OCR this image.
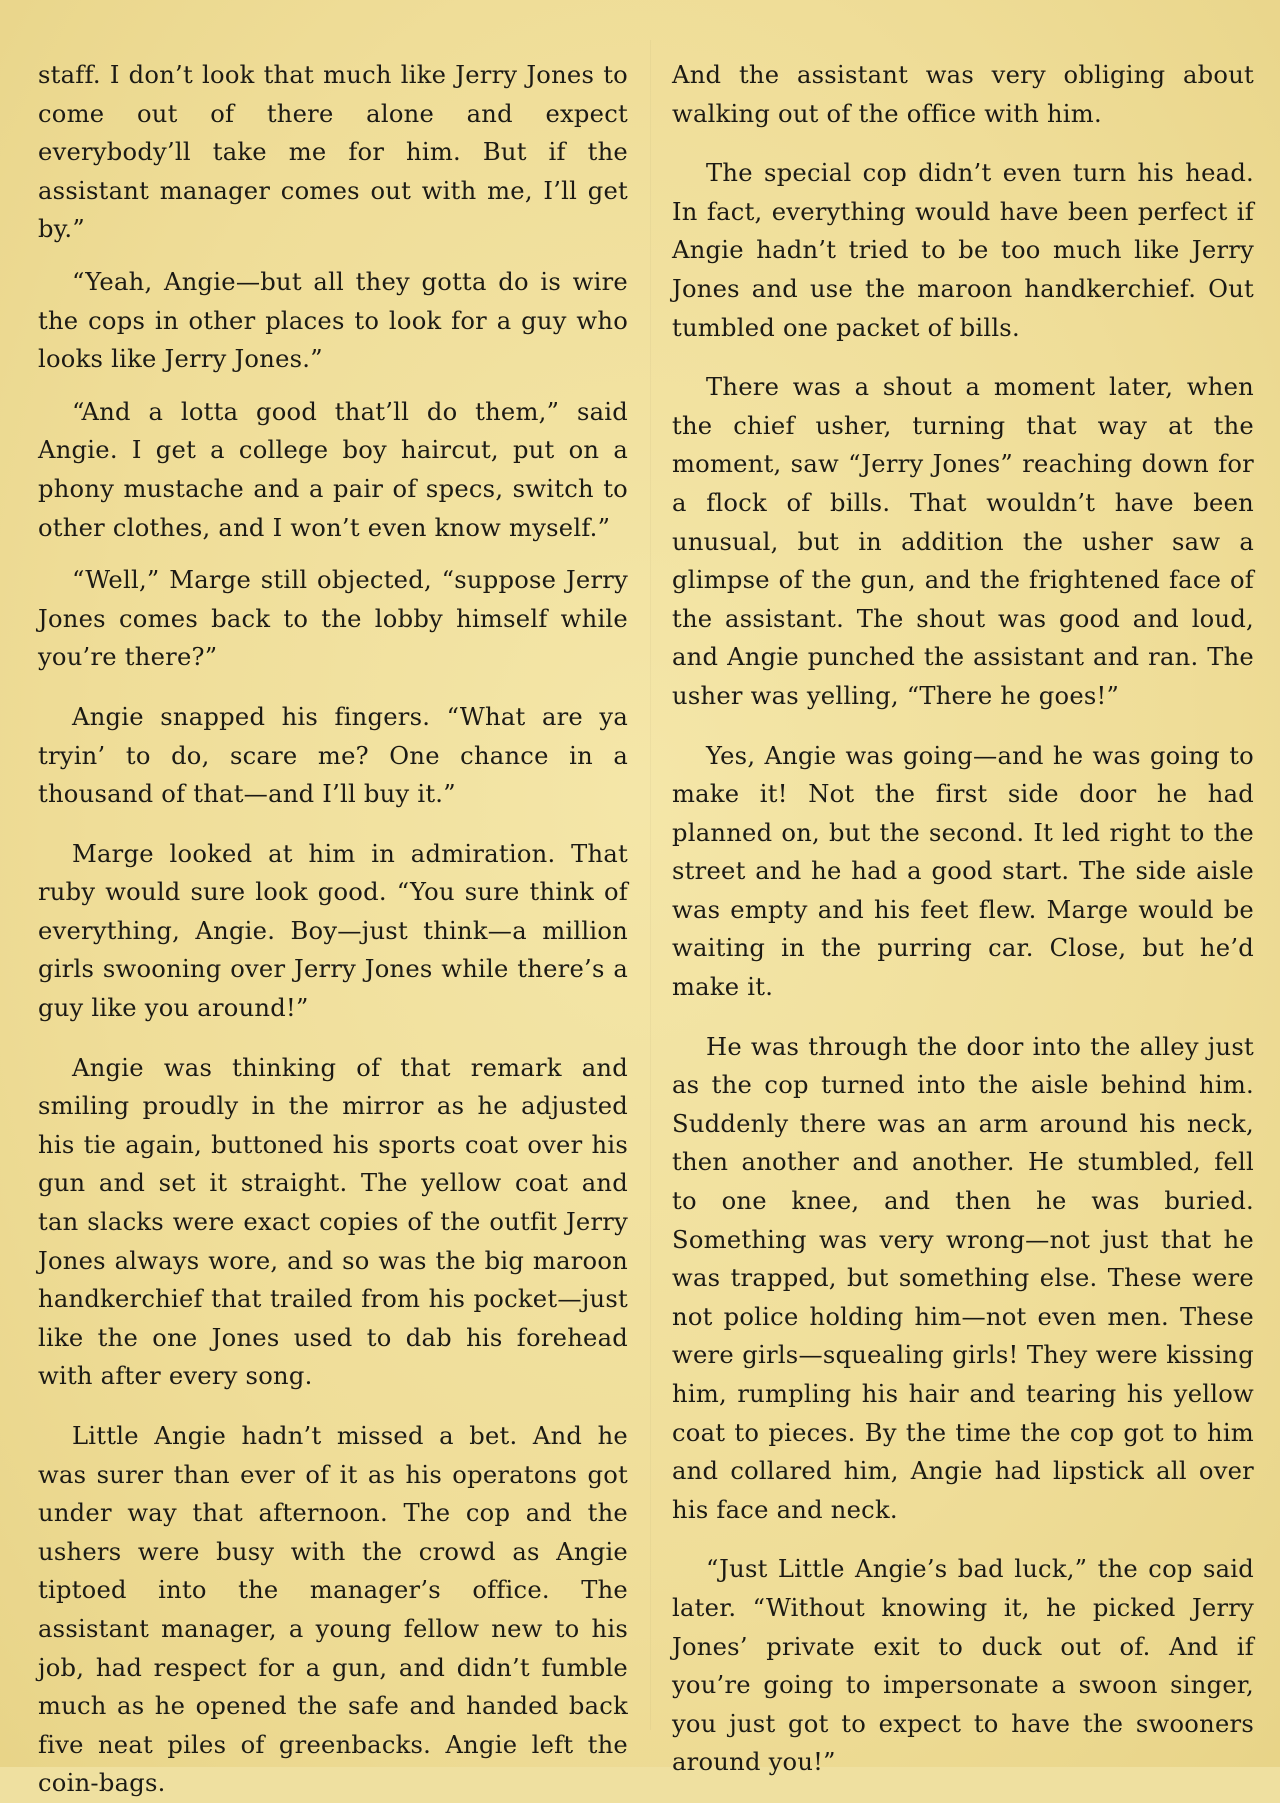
staff. I don’t look that much like Jerry Jones to come out of there alone and expect everybody’ll take me for him. But if the assistant manager comes out with me, I’ll get by.”

“Yeah, Angie—but all they gotta do is wire the cops in other places to look for a guy who looks like Jerry Jones.”

“And a lotta good that’ll do them,” said Angie. I get a college boy haircut, put on a phony mustache and a pair of specs, switch to other clothes, and I won’t even know myself.”

“Well,” Marge still objected, “suppose Jerry Jones comes back to the lobby himself while you’re there?”

Angie snapped his fingers. “What are ya tryin’ to do, scare me? One chance in a thousand of that—and I’ll buy it.”

Marge looked at him in admiration. That ruby would sure look good. “You sure think of everything, Angie. Boy—just think—a million girls swooning over Jerry Jones while there’s a guy like you around!”

Angie was thinking of that remark and smiling proudly in the mirror as he adjusted his tie again, buttoned his sports coat over his gun and set it straight. The yellow coat and tan slacks were exact copies of the outfit Jerry Jones always wore, and so was the big maroon handkerchief that trailed from his pocket—just like the one Jones used to dab his forehead with after every song.

Little Angie hadn’t missed a bet. And he was surer than ever of it as his operatons got under way that afternoon. The cop and the ushers were busy with the crowd as Angie tiptoed into the manager’s office. The assistant manager, a young fellow new to his job, had respect for a gun, and didn’t fumble much as he opened the safe and handed back five neat piles of greenbacks. Angie left the coin-bags.

And the assistant was very obliging about walking out of the office with him.

The special cop didn’t even turn his head. In fact, everything would have been perfect if Angie hadn’t tried to be too much like Jerry Jones and use the maroon handkerchief. Out tumbled one packet of bills.

There was a shout a moment later, when the chief usher, turning that way at the moment, saw “Jerry Jones” reaching down for a flock of bills. That wouldn’t have been unusual, but in addition the usher saw a glimpse of the gun, and the frightened face of the assistant. The shout was good and loud, and Angie punched the assistant and ran. The usher was yelling, “There he goes!”

Yes, Angie was going—and he was going to make it! Not the first side door he had planned on, but the second. It led right to the street and he had a good start. The side aisle was empty and his feet flew. Marge would be waiting in the purring car. Close, but he’d make it.

He was through the door into the alley just as the cop turned into the aisle behind him. Suddenly there was an arm around his neck, then another and another. He stumbled, fell to one knee, and then he was buried. Something was very wrong—not just that he was trapped, but something else. These were not police holding him—not even men. These were girls—squealing girls! They were kissing him, rumpling his hair and tearing his yellow coat to pieces. By the time the cop got to him and collared him, Angie had lipstick all over his face and neck.

“Just Little Angie’s bad luck,” the cop said later. “Without knowing it, he picked Jerry Jones’ private exit to duck out of. And if you’re going to impersonate a swoon singer, you just got to expect to have the swooners around you!”
